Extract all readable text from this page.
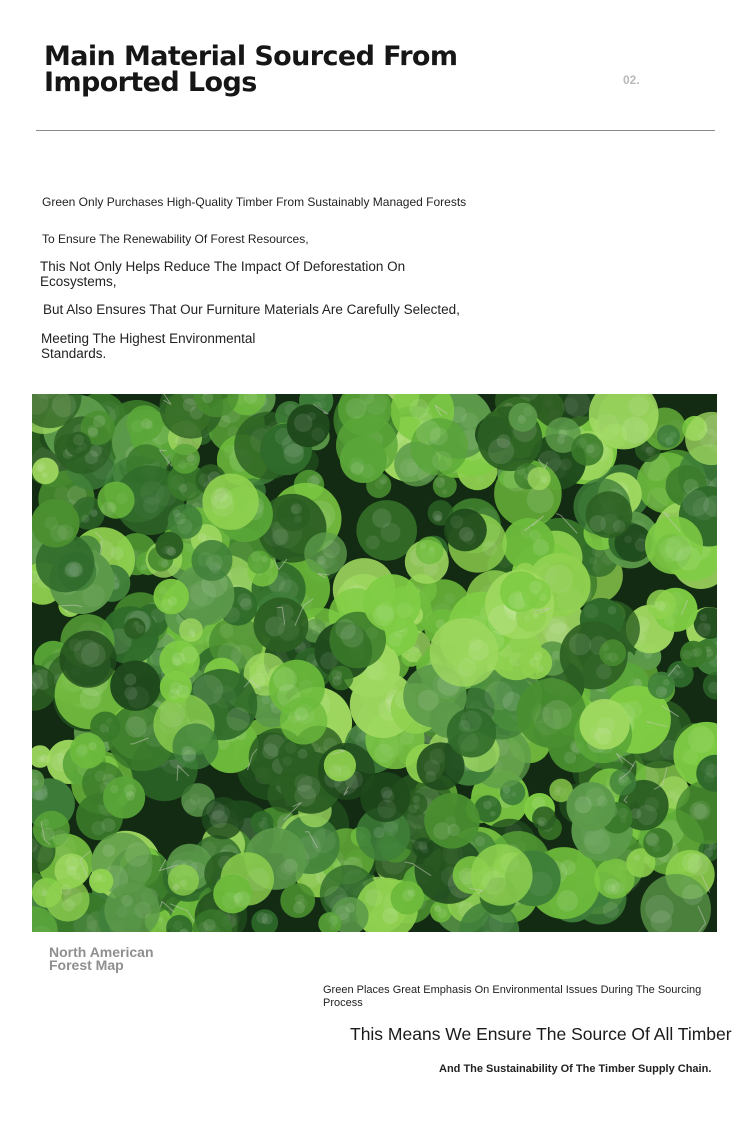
Main Material Sourced From Imported Logs	02.
Green Only Purchases High-Quality Timber From Sustainably Managed Forests
To Ensure The Renewability Of Forest Resources,
This Not Only Helps Reduce The Impact Of Deforestation On Ecosystems,
But Also Ensures That Our Furniture Materials Are Carefully Selected,
Meeting The Highest Environmental Standards.
North American Forest Map
Green Places Great Emphasis On Environmental Issues During The Sourcing Process
This Means We Ensure The Source Of All Timber
And The Sustainability Of The Timber Supply Chain.
